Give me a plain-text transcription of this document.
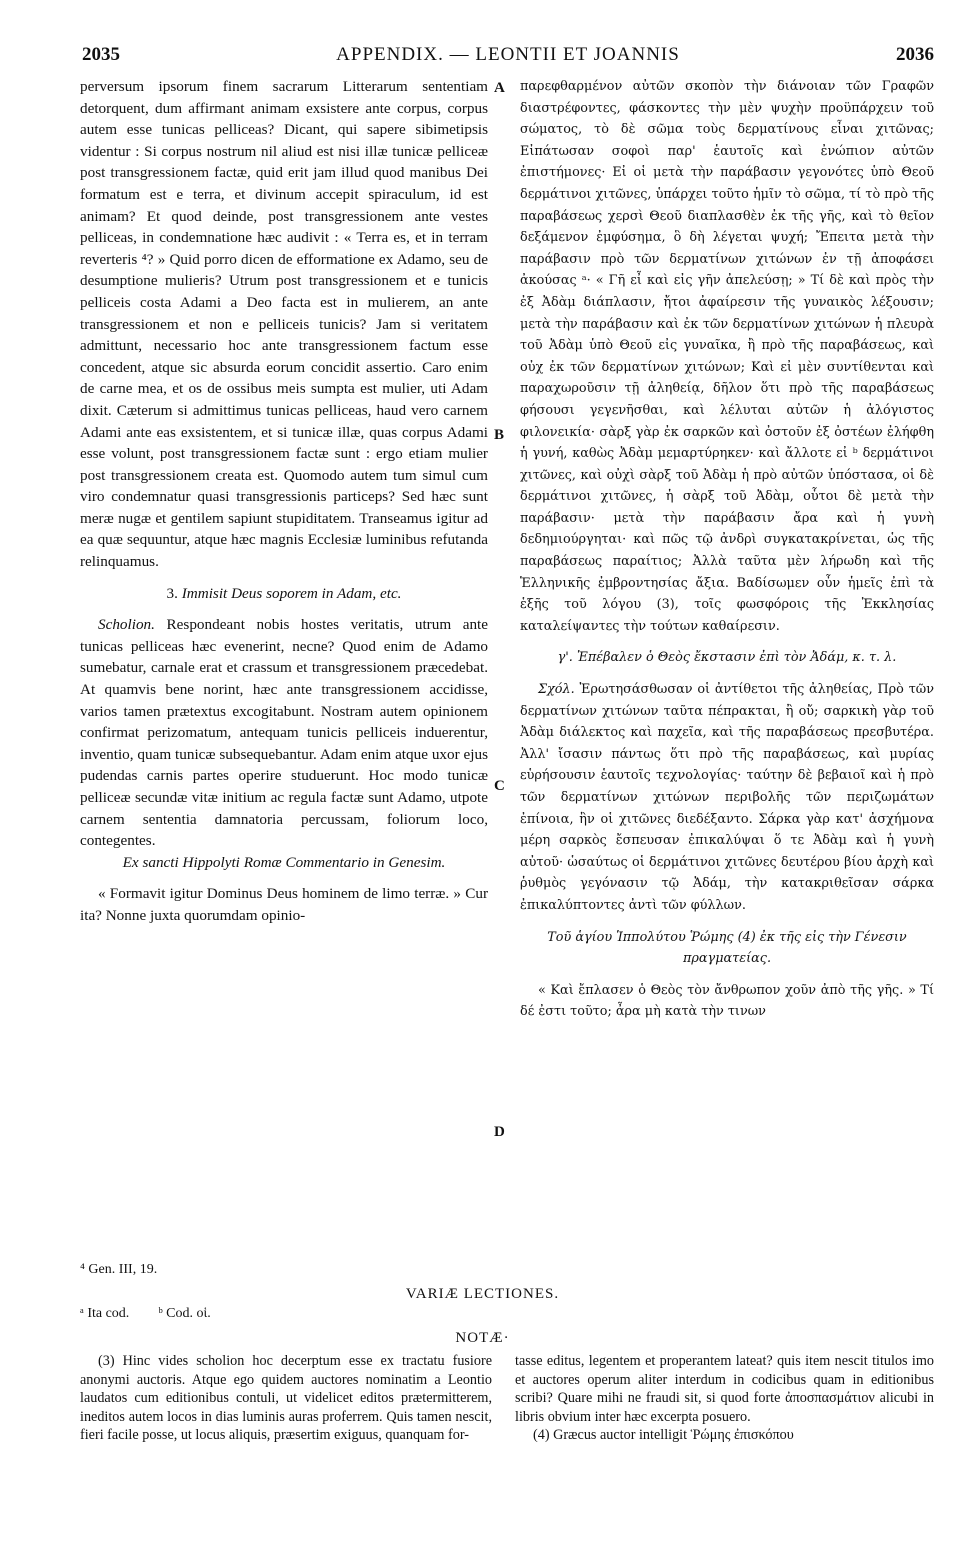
2035	APPENDIX. — LEONTII ET JOANNIS	2036
A
B
C
D

perversum ipsorum finem sacrarum Litterarum sententiam detorquent, dum affirmant animam exsistere ante corpus, corpus autem esse tunicas pelliceas? Dicant, qui sapere sibimetipsis videntur : Si corpus nostrum nil aliud est nisi illæ tunicæ pelliceæ post transgressionem factæ, quid erit jam illud quod manibus Dei formatum est e terra, et divinum accepit spiraculum, id est animam? Et quod deinde, post transgressionem ante vestes pelliceas, in condemnatione hæc audivit : « Terra es, et in terram reverteris ⁴? » Quid porro dicen de efformatione ex Adamo, seu de desumptione mulieris? Utrum post transgressionem et e tunicis pelliceis costa Adami a Deo facta est in mulierem, an ante transgressionem et non e pelliceis tunicis? Jam si veritatem admittunt, necessario hoc ante transgressionem factum esse concedent, atque sic absurda eorum concidit assertio. Caro enim de carne mea, et os de ossibus meis sumpta est mulier, uti Adam dixit. Cæterum si admittimus tunicas pelliceas, haud vero carnem Adami ante eas exsistentem, et si tunicæ illæ, quas corpus Adami esse volunt, post transgressionem factæ sunt : ergo etiam mulier post transgressionem creata est. Quomodo autem tum simul cum viro condemnatur quasi transgressionis particeps? Sed hæc sunt meræ nugæ et gentilem sapiunt stupiditatem. Transeamus igitur ad ea quæ sequuntur, atque hæc magnis Ecclesiæ luminibus refutanda relinquamus.

3. Immisit Deus soporem in Adam, etc.

Scholion. Respondeant nobis hostes veritatis, utrum ante tunicas pelliceas hæc evenerint, necne? Quod enim de Adamo sumebatur, carnale erat et crassum et transgressionem præcedebat. At quamvis bene norint, hæc ante transgressionem accidisse, varios tamen prætextus excogitabunt. Nostram autem opinionem confirmat perizomatum, antequam tunicis pelliceis induerentur, inventio, quam tunicæ subsequebantur. Adam enim atque uxor ejus pudendas carnis partes operire studuerunt. Hoc modo tunicæ pelliceæ secundæ vitæ initium ac regula factæ sunt Adamo, utpote carnem sententia damnatoria percussam, foliorum loco, contegentes.

Ex sancti Hippolyti Romæ Commentario in Genesim.

« Formavit igitur Dominus Deus hominem de limo terræ. » Cur ita? Nonne juxta quorumdam opinio-

παρεφθαρμένον αὐτῶν σκοπὸν τὴν διάνοιαν τῶν Γραφῶν διαστρέφοντες, φάσκοντες τὴν μὲν ψυχὴν προϋπάρχειν τοῦ σώματος, τὸ δὲ σῶμα τοὺς δερματίνους εἶναι χιτῶνας; Εἰπάτωσαν σοφοὶ παρ' ἑαυτοῖς καὶ ἐνώπιον αὐτῶν ἐπιστήμονες· Εἰ οἱ μετὰ τὴν παράβασιν γεγονότες ὑπὸ Θεοῦ δερμάτινοι χιτῶνες, ὑπάρχει τοῦτο ἡμῖν τὸ σῶμα, τί τὸ πρὸ τῆς παραβάσεως χερσὶ Θεοῦ διαπλασθὲν ἐκ τῆς γῆς, καὶ τὸ θεῖον δεξάμενον ἐμφύσημα, ὃ δὴ λέγεται ψυχή; Ἔπειτα μετὰ τὴν παράβασιν πρὸ τῶν δερματίνων χιτώνων ἐν τῇ ἀποφάσει ἀκούσας ᵃ· « Γῆ εἶ καὶ εἰς γῆν ἀπελεύσῃ; » Τί δὲ καὶ πρὸς τὴν ἐξ Ἀδὰμ διάπλασιν, ἤτοι ἀφαίρεσιν τῆς γυναικὸς λέξουσιν; μετὰ τὴν παράβασιν καὶ ἐκ τῶν δερματίνων χιτώνων ἡ πλευρὰ τοῦ Ἀδὰμ ὑπὸ Θεοῦ εἰς γυναῖκα, ἢ πρὸ τῆς παραβάσεως, καὶ οὐχ ἐκ τῶν δερματίνων χιτώνων; Καὶ εἰ μὲν συντίθενται καὶ παραχωροῦσιν τῇ ἀληθείᾳ, δῆλον ὅτι πρὸ τῆς παραβάσεως φήσουσι γεγενῆσθαι, καὶ λέλυται αὐτῶν ἡ ἀλόγιστος φιλονεικία· σὰρξ γὰρ ἐκ σαρκῶν καὶ ὀστοῦν ἐξ ὀστέων ἐλήφθη ἡ γυνή, καθὼς Ἀδὰμ μεμαρτύρηκεν· καὶ ἄλλοτε εἰ ᵇ δερμάτινοι χιτῶνες, καὶ οὐχὶ σὰρξ τοῦ Ἀδὰμ ἡ πρὸ αὐτῶν ὑπόστασα, οἱ δὲ δερμάτινοι χιτῶνες, ἡ σὰρξ τοῦ Ἀδὰμ, οὗτοι δὲ μετὰ τὴν παράβασιν· μετὰ τὴν παράβασιν ἄρα καὶ ἡ γυνὴ δεδημιούργηται· καὶ πῶς τῷ ἀνδρὶ συγκατακρίνεται, ὡς τῆς παραβάσεως παραίτιος; Ἀλλὰ ταῦτα μὲν λήρωδη καὶ τῆς Ἑλληνικῆς ἐμβροντησίας ἄξια. Βαδίσωμεν οὖν ἡμεῖς ἐπὶ τὰ ἑξῆς τοῦ λόγου (3), τοῖς φωσφόροις τῆς Ἐκκλησίας καταλείψαντες τὴν τούτων καθαίρεσιν.

γ'. Ἐπέβαλεν ὁ Θεὸς ἔκστασιν ἐπὶ τὸν Ἀδάμ, κ. τ. λ.

Σχόλ. Ἐρωτησάσθωσαν οἱ ἀντίθετοι τῆς ἀληθείας, Πρὸ τῶν δερματίνων χιτώνων ταῦτα πέπρακται, ἢ οὔ; σαρκικὴ γὰρ τοῦ Ἀδὰμ διάλεκτος καὶ παχεῖα, καὶ τῆς παραβάσεως πρεσβυτέρα. Ἀλλ' ἴσασιν πάντως ὅτι πρὸ τῆς παραβάσεως, καὶ μυρίας εὑρήσουσιν ἑαυτοῖς τεχνολογίας· ταύτην δὲ βεβαιοῖ καὶ ἡ πρὸ τῶν δερματίνων χιτώνων περιβολῆς τῶν περιζωμάτων ἐπίνοια, ἣν οἱ χιτῶνες διεδέξαντο. Σάρκα γὰρ κατ' ἀσχήμονα μέρη σαρκὸς ἔσπευσαν ἐπικαλύψαι ὅ τε Ἀδὰμ καὶ ἡ γυνὴ αὐτοῦ· ὡσαύτως οἱ δερμάτινοι χιτῶνες δευτέρου βίου ἀρχὴ καὶ ῥυθμὸς γεγόνασιν τῷ Ἀδάμ, τὴν κατακριθεῖσαν σάρκα ἐπικαλύπτοντες ἀντὶ τῶν φύλλων.

Τοῦ ἁγίου Ἱππολύτου Ῥώμης (4) ἐκ τῆς εἰς τὴν Γένεσιν πραγματείας.

« Καὶ ἔπλασεν ὁ Θεὸς τὸν ἄνθρωπον χοῦν ἀπὸ τῆς γῆς. » Τί δέ ἐστι τοῦτο; ἆρα μὴ κατὰ τὴν τινων

⁴ Gen. III, 19.
VARIÆ LECTIONES.
ᵃ Ita cod. ᵇ Cod. οἱ.
NOTÆ·

(3) Hinc vides scholion hoc decerptum esse ex tractatu fusiore anonymi auctoris. Atque ego quidem auctores nominatim a Leontio laudatos cum editionibus contuli, ut videlicet editos prætermitterem, ineditos autem locos in dias luminis auras proferrem. Quis tamen nescit, fieri facile posse, ut locus aliquis, præsertim exiguus, quanquam for-

tasse editus, legentem et properantem lateat? quis item nescit titulos imo et auctores operum aliter interdum in codicibus quam in editionibus scribi? Quare mihi ne fraudi sit, si quod forte ἀποσπασμάτιον alicubi in libris obvium inter hæc excerpta posuero.

(4) Græcus auctor intelligit Ῥώμης ἐπισκόπου
